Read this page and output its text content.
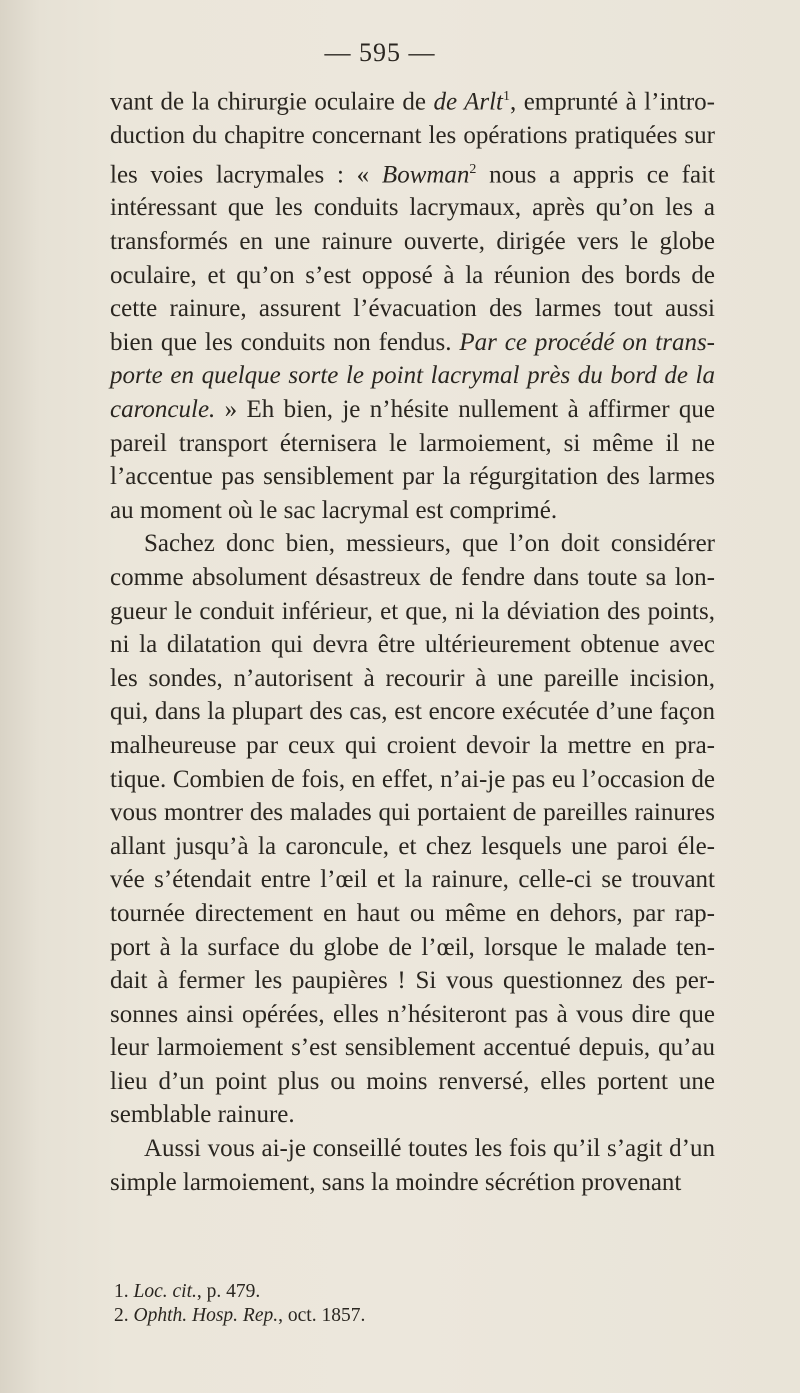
— 595 —

vant de la chirurgie oculaire de de Arlt$^1$, emprunté à l’intro-duction du chapitre concernant les opérations pratiquées sur les voies lacrymales : « Bowman$^2$ nous a appris ce fait intéressant que les conduits lacrymaux, après qu’on les a transformés en une rainure ouverte, dirigée vers le globe oculaire, et qu’on s’est opposé à la réunion des bords de cette rainure, assurent l’évacuation des larmes tout aussi bien que les conduits non fendus. Par ce procédé on trans-porte en quelque sorte le point lacrymal près du bord de la caroncule. » Eh bien, je n’hésite nullement à affirmer que pareil transport éternisera le larmoiement, si même il ne l’accentue pas sensiblement par la régurgitation des larmes au moment où le sac lacrymal est comprimé.

Sachez donc bien, messieurs, que l’on doit considérer comme absolument désastreux de fendre dans toute sa lon-gueur le conduit inférieur, et que, ni la déviation des points, ni la dilatation qui devra être ultérieurement obtenue avec les sondes, n’autorisent à recourir à une pareille incision, qui, dans la plupart des cas, est encore exécutée d’une façon malheureuse par ceux qui croient devoir la mettre en pra-tique. Combien de fois, en effet, n’ai-je pas eu l’occasion de vous montrer des malades qui portaient de pareilles rainures allant jusqu’à la caroncule, et chez lesquels une paroi éle-vée s’étendait entre l’œil et la rainure, celle-ci se trouvant tournée directement en haut ou même en dehors, par rap-port à la surface du globe de l’œil, lorsque le malade ten-dait à fermer les paupières ! Si vous questionnez des per-sonnes ainsi opérées, elles n’hésiteront pas à vous dire que leur larmoiement s’est sensiblement accentué depuis, qu’au lieu d’un point plus ou moins renversé, elles portent une semblable rainure.

Aussi vous ai-je conseillé toutes les fois qu’il s’agit d’un simple larmoiement, sans la moindre sécrétion provenant

1. Loc. cit., p. 479.
2. Ophth. Hosp. Rep., oct. 1857.
